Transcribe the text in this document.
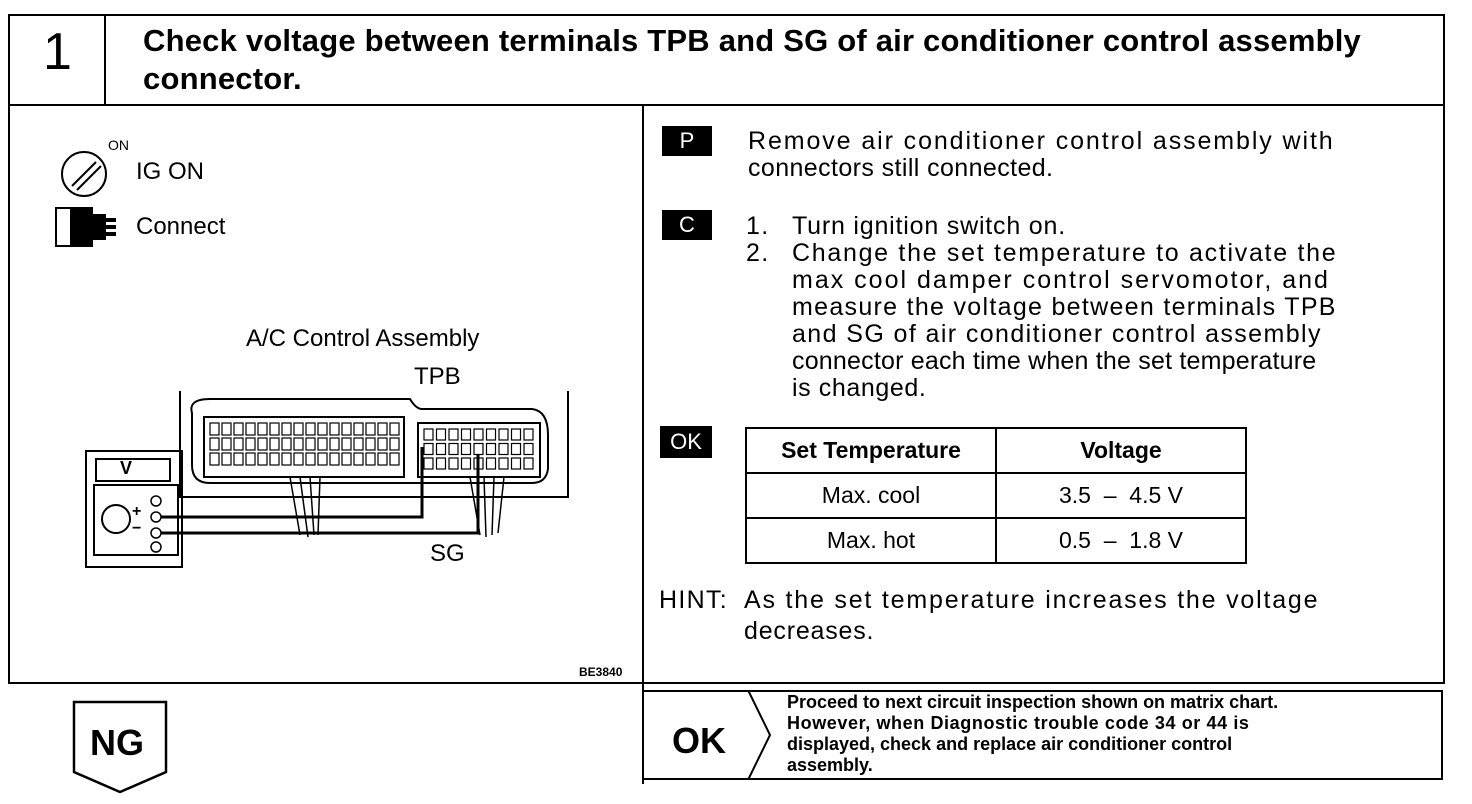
1 Check voltage between terminals TPB and SG of air conditioner control assembly
connector.
ON
IG ON
Connect
A/C Control Assembly
TPB
V
+
−
SG
BE3840
P	Remove air conditioner control assembly with
connectors still connected.
C	1. Turn ignition switch on.
2. Change the set temperature to activate the
max cool damper control servomotor, and
measure the voltage between terminals TPB
and SG of air conditioner control assembly
connector each time when the set temperature
is changed.
OK	Set Temperature	Voltage
Max. cool	3.5  –  4.5 V
Max. hot	0.5  –  1.8 V
HINT: As the set temperature increases the voltage
decreases.
NG	OK
Proceed to next circuit inspection shown on matrix chart.
However, when Diagnostic trouble code 34 or 44 is
displayed, check and replace air conditioner control
assembly.
